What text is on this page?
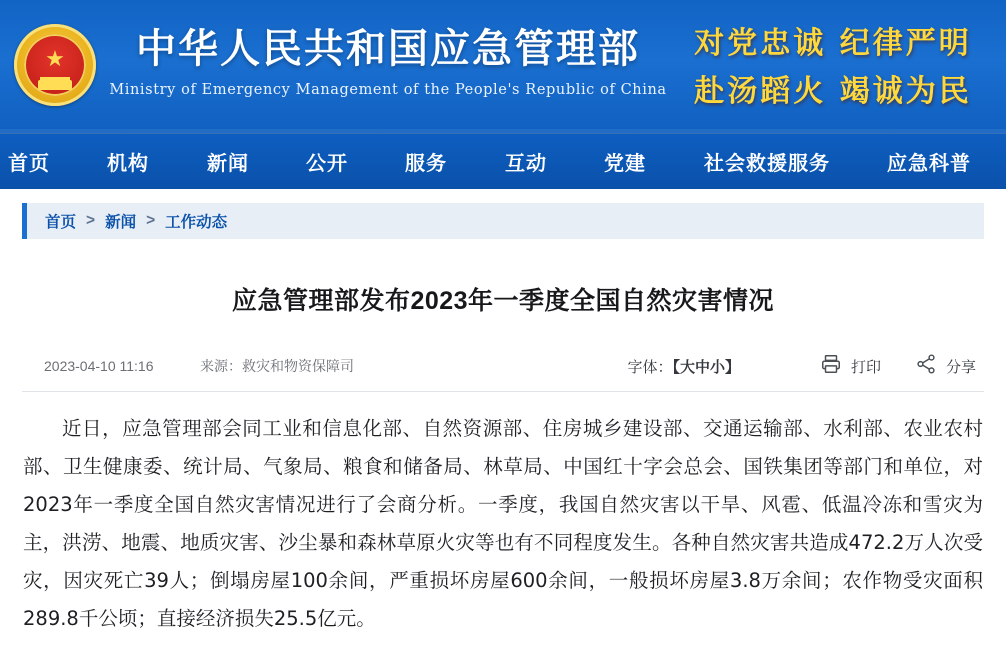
★	中华人民共和国应急管理部
Ministry of Emergency Management of the People's Republic of China
对党忠诚 纪律严明
赴汤蹈火 竭诚为民
首页	机构	新闻	公开	服务	互动	党建	社会救援服务	应急科普
首页 > 新闻 > 工作动态
应急管理部发布2023年一季度全国自然灾害情况
2023-04-10 11:16	来源：救灾和物资保障司	字体：【大中小】	打印	分享

近日，应急管理部会同工业和信息化部、自然资源部、住房城乡建设部、交通运输部、水利部、农业农村部、卫生健康委、统计局、气象局、粮食和储备局、林草局、中国红十字会总会、国铁集团等部门和单位，对2023年一季度全国自然灾害情况进行了会商分析。一季度，我国自然灾害以干旱、风雹、低温冷冻和雪灾为主，洪涝、地震、地质灾害、沙尘暴和森林草原火灾等也有不同程度发生。各种自然灾害共造成472.2万人次受灾，因灾死亡39人；倒塌房屋100余间，严重损坏房屋600余间，一般损坏房屋3.8万余间；农作物受灾面积289.8千公顷；直接经济损失25.5亿元。
